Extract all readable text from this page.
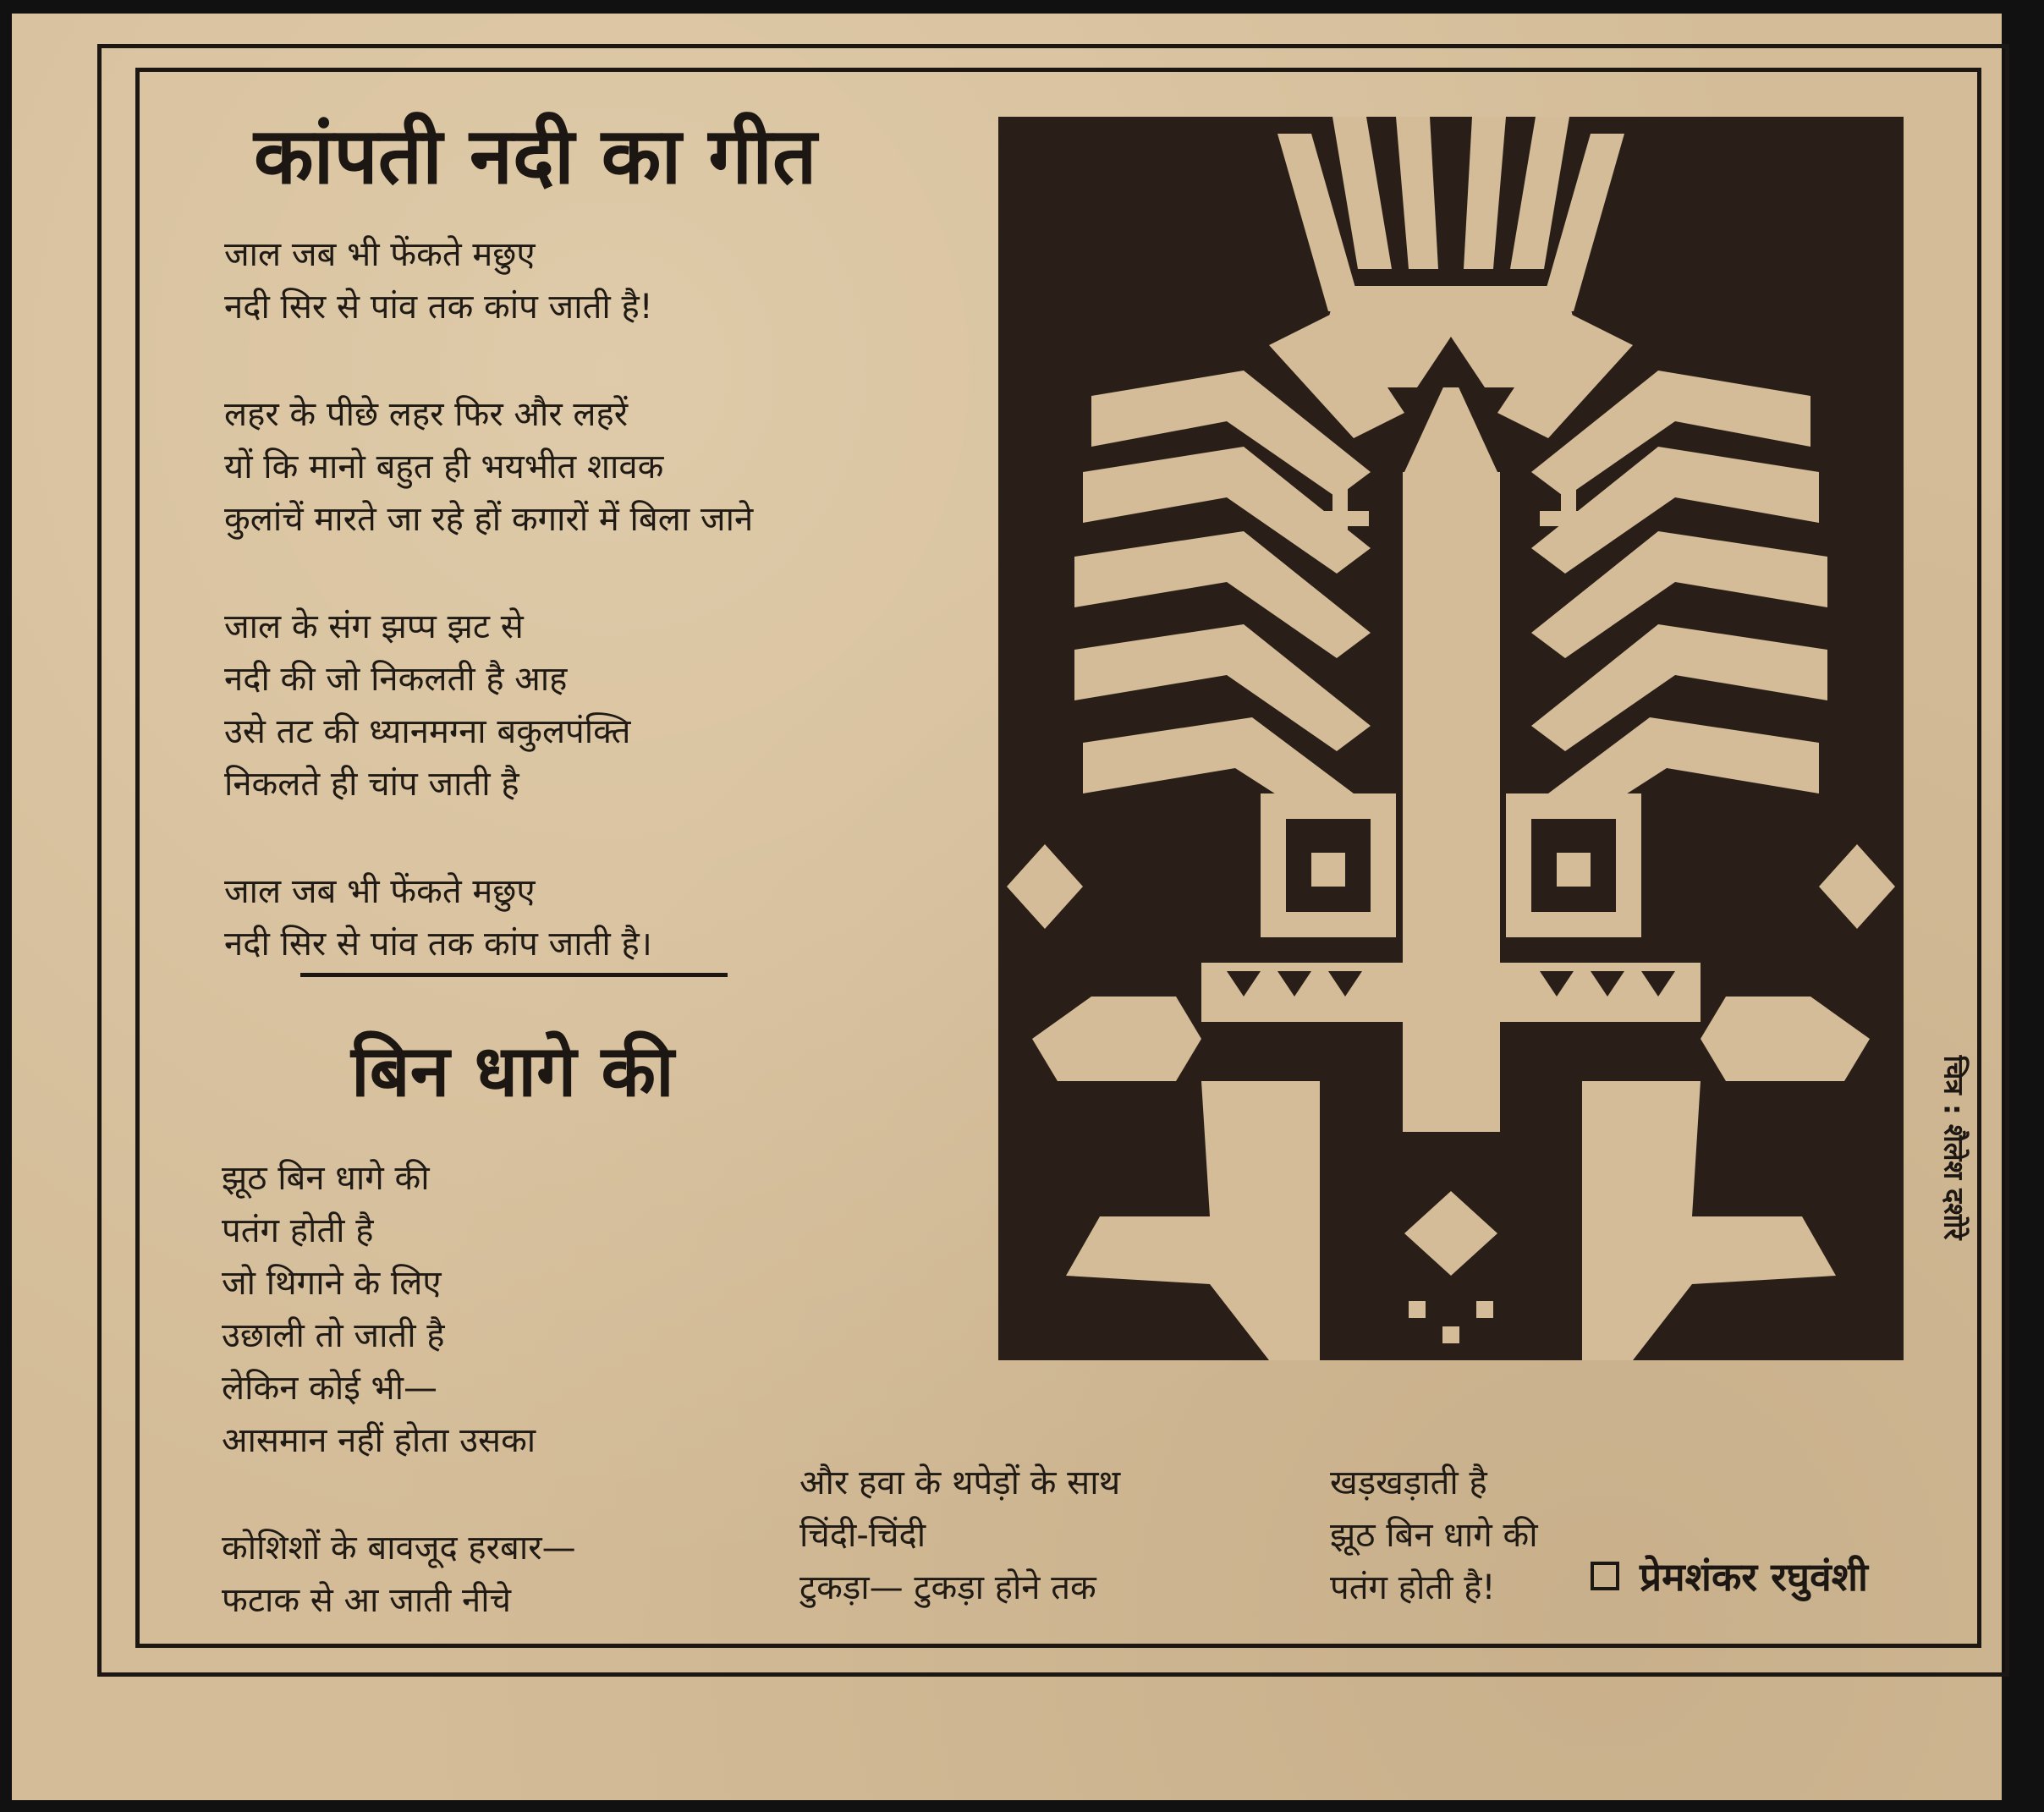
कांपती नदी का गीत
जाल जब भी फेंकते मछुए
नदी सिर से पांव तक कांप जाती है!
लहर के पीछे लहर फिर और लहरें
यों कि मानो बहुत ही भयभीत शावक
कुलांचें मारते जा रहे हों कगारों में बिला जाने
जाल के संग झप्प झट से
नदी की जो निकलती है आह
उसे तट की ध्यानमग्ना बकुलपंक्ति
निकलते ही चांप जाती है
जाल जब भी फेंकते मछुए
नदी सिर से पांव तक कांप जाती है।
बिन धागे की
झूठ बिन धागे की
पतंग होती है
जो थिगाने के लिए
उछाली तो जाती है
लेकिन कोई भी—
आसमान नहीं होता उसका
कोशिशों के बावजूद हरबार—
फटाक से आ जाती नीचे
और हवा के थपेड़ों के साथ
चिंदी-चिंदी
टुकड़ा— टुकड़ा होने तक
खड़खड़ाती है
झूठ बिन धागे की
पतंग होती है!	प्रेमशंकर रघुवंशी
चित्र : शैलेश दशोरे
